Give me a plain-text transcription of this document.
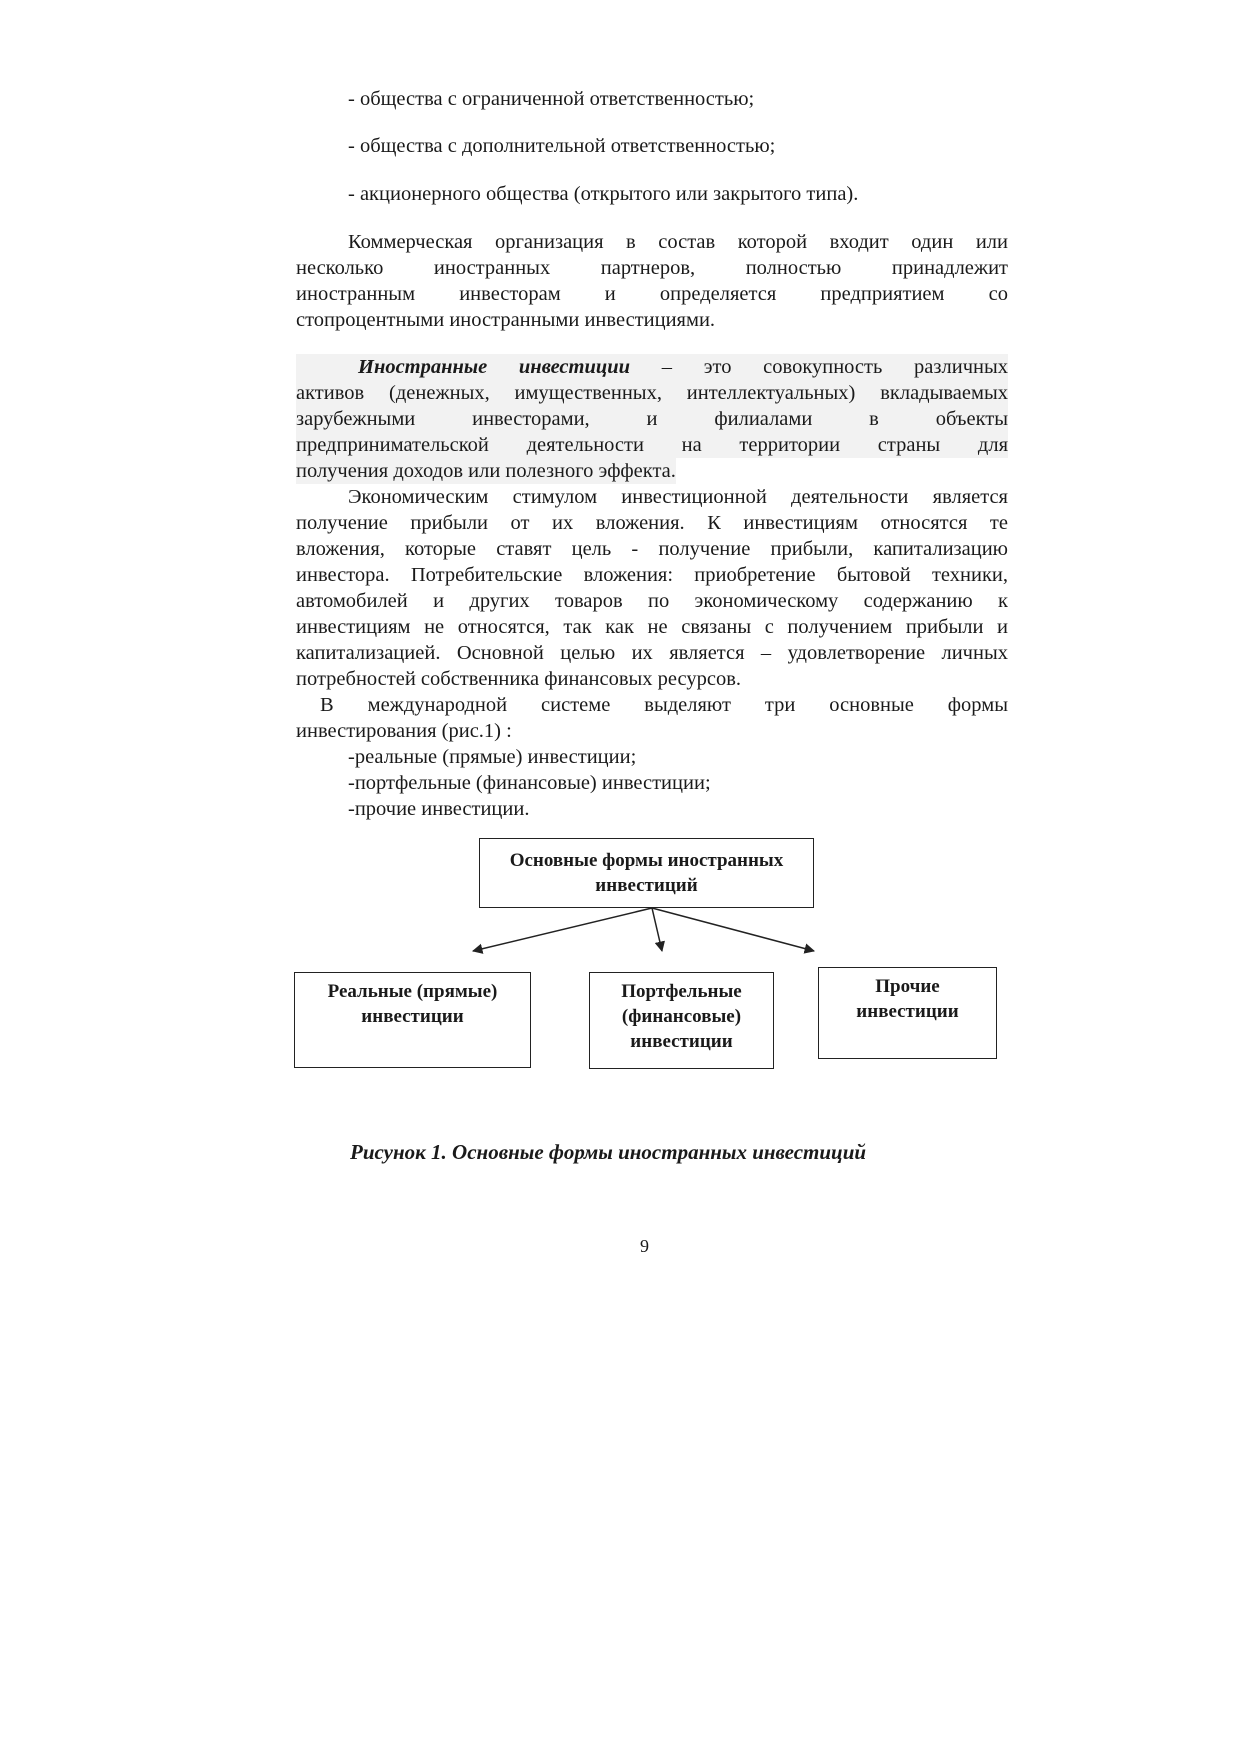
- общества с ограниченной ответственностью;
- общества с дополнительной ответственностью;
- акционерного общества (открытого или закрытого типа).
Коммерческая организация в состав которой входит один или
несколько иностранных партнеров, полностью принадлежит
иностранным инвесторам и определяется предприятием со
стопроцентными иностранными инвестициями.
Иностранные инвестиции – это совокупность различных
активов (денежных, имущественных, интеллектуальных) вкладываемых
зарубежными инвесторами, и филиалами в объекты
предпринимательской деятельности на территории страны для
получения доходов или полезного эффекта.
Экономическим стимулом инвестиционной деятельности является
получение прибыли от их вложения. К инвестициям относятся те
вложения, которые ставят цель - получение прибыли, капитализацию
инвестора. Потребительские вложения: приобретение бытовой техники,
автомобилей и других товаров по экономическому содержанию к
инвестициям не относятся, так как не связаны с получением прибыли и
капитализацией. Основной целью их является – удовлетворение личных
потребностей собственника финансовых ресурсов.
В международной системе выделяют три основные формы
инвестирования (рис.1) :
-реальные (прямые) инвестиции;
-портфельные (финансовые) инвестиции;
-прочие инвестиции.
Основные формы иностранных инвестиций
Реальные (прямые) инвестиции
Портфельные (финансовые) инвестиции
Прочие инвестиции
Рисунок 1. Основные формы иностранных инвестиций
9
